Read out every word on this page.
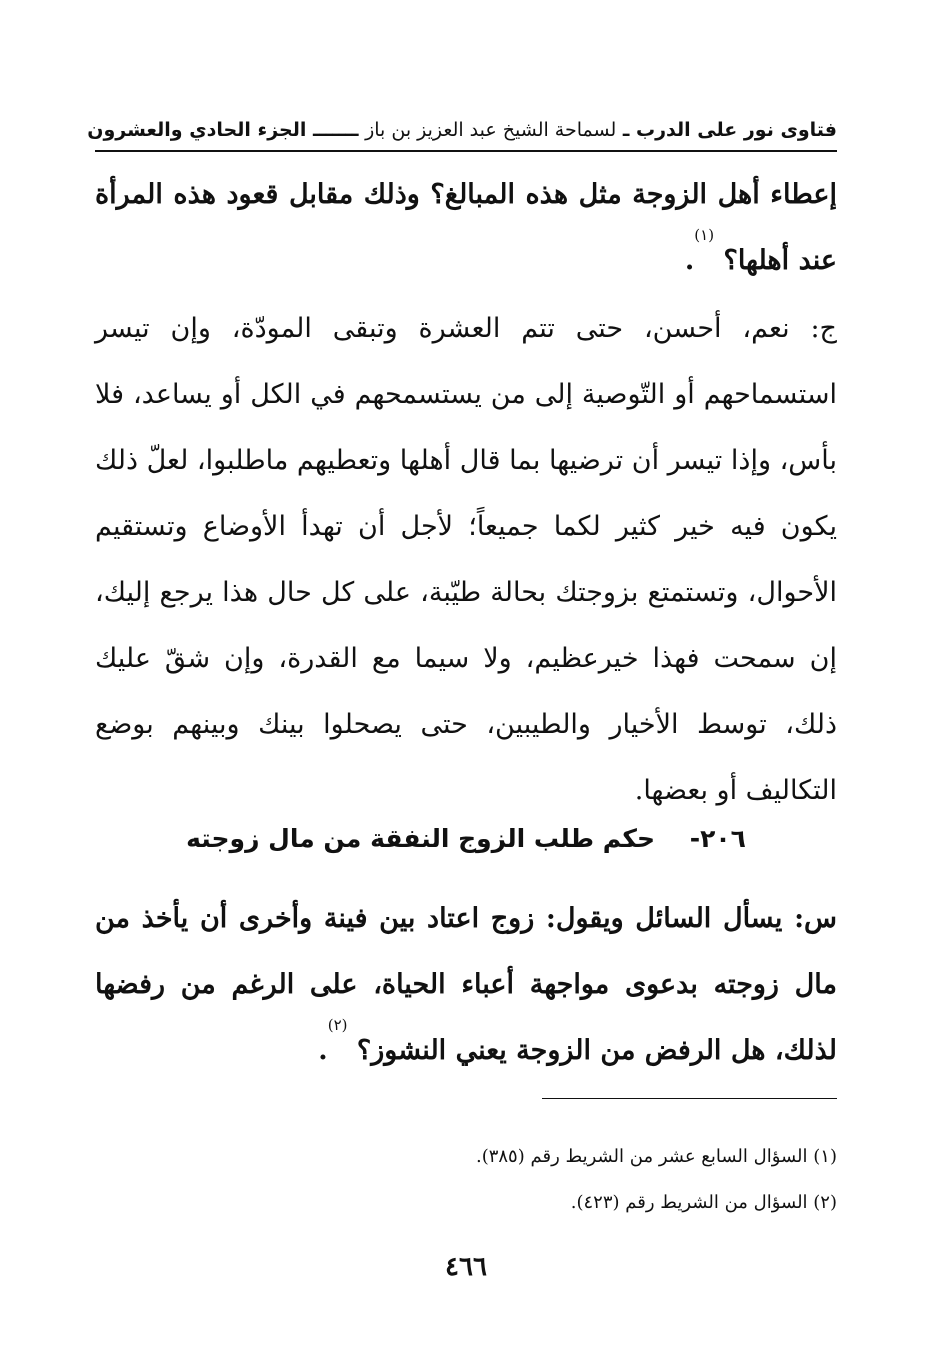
فتاوى نور على الدرب ـ لسماحة الشيخ عبد العزيز بن باز ـــــــ الجزء الحادي والعشرون

إعطاء أهل الزوجة مثل هذه المبالغ؟ وذلك مقابل قعود هذه المرأة عند أهلها؟ $^{(١)}$.

ج: نعم، أحسن، حتى تتم العشرة وتبقى المودّة، وإن تيسر استسماحهم أو التّوصية إلى من يستسمحهم في الكل أو يساعد، فلا بأس، وإذا تيسر أن ترضيها بما قال أهلها وتعطيهم ماطلبوا، لعلّ ذلك يكون فيه خير كثير لكما جميعاً؛ لأجل أن تهدأ الأوضاع وتستقيم الأحوال، وتستمتع بزوجتك بحالة طيّبة، على كل حال هذا يرجع إليك، إن سمحت فهذا خيرعظيم، ولا سيما مع القدرة، وإن شقّ عليك ذلك، توسط الأخيار والطيبين، حتى يصحلوا بينك وبينهم بوضع التكاليف أو بعضها.

٢٠٦- حكم طلب الزوج النفقة من مال زوجته

س: يسأل السائل ويقول: زوج اعتاد بين فينة وأخرى أن يأخذ من مال زوجته بدعوى مواجهة أعباء الحياة، على الرغم من رفضها لذلك، هل الرفض من الزوجة يعني النشوز؟ $^{(٢)}$.

(١) السؤال السابع عشر من الشريط رقم (٣٨٥).

(٢) السؤال من الشريط رقم (٤٢٣).

٤٦٦
